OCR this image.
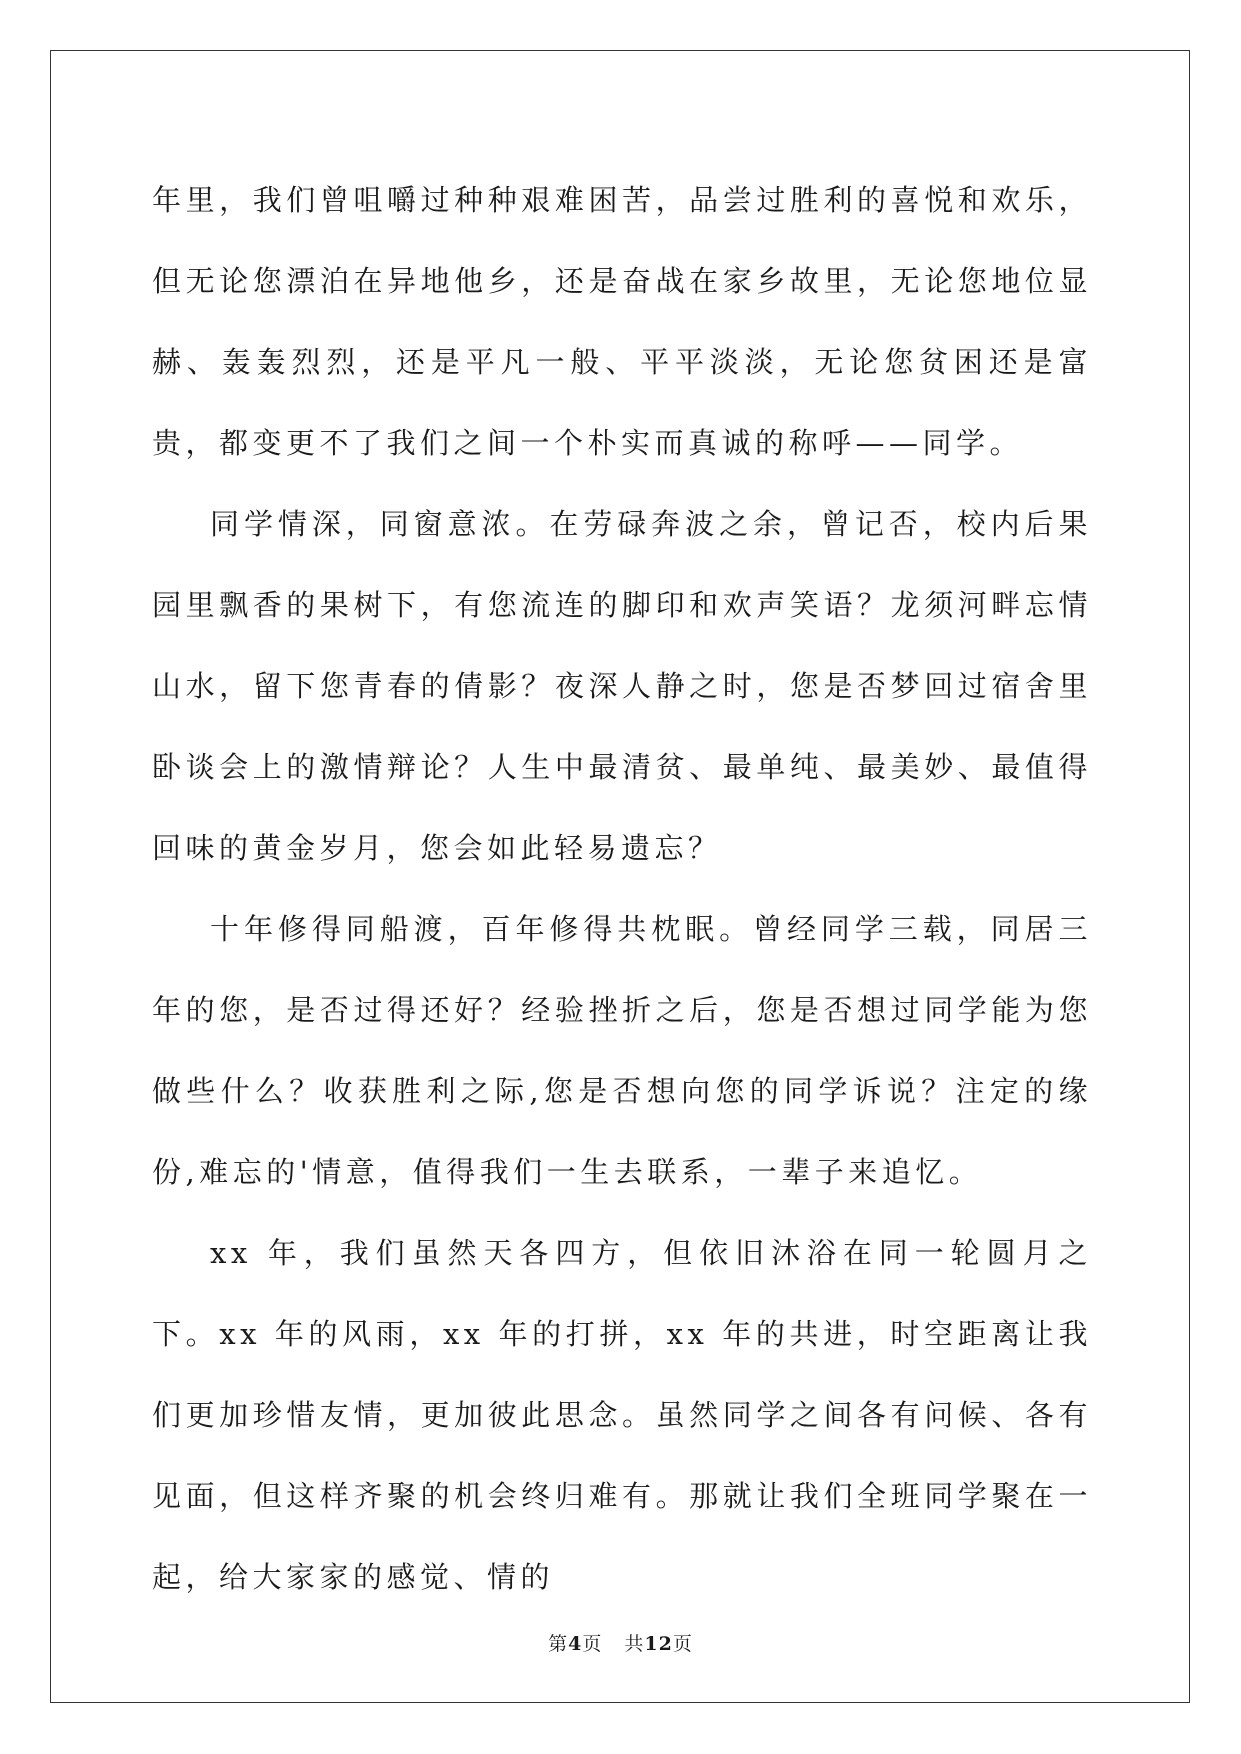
年里，我们曾咀嚼过种种艰难困苦，品尝过胜利的喜悦和欢乐，但无论您漂泊在异地他乡，还是奋战在家乡故里，无论您地位显赫、轰轰烈烈，还是平凡一般、平平淡淡，无论您贫困还是富贵，都变更不了我们之间一个朴实而真诚的称呼——同学。

同学情深，同窗意浓。在劳碌奔波之余，曾记否，校内后果园里飘香的果树下，有您流连的脚印和欢声笑语？龙须河畔忘情山水，留下您青春的倩影？夜深人静之时，您是否梦回过宿舍里卧谈会上的激情辩论？人生中最清贫、最单纯、最美妙、最值得回味的黄金岁月，您会如此轻易遗忘？

十年修得同船渡，百年修得共枕眠。曾经同学三载，同居三年的您，是否过得还好？经验挫折之后，您是否想过同学能为您做些什么？收获胜利之际,您是否想向您的同学诉说？注定的缘份,难忘的'情意，值得我们一生去联系，一辈子来追忆。

xx 年，我们虽然天各四方，但依旧沐浴在同一轮圆月之下。xx 年的风雨，xx 年的打拼，xx 年的共进，时空距离让我们更加珍惜友情，更加彼此思念。虽然同学之间各有问候、各有见面，但这样齐聚的机会终归难有。那就让我们全班同学聚在一起，给大家家的感觉、情的

第4页 共12页
